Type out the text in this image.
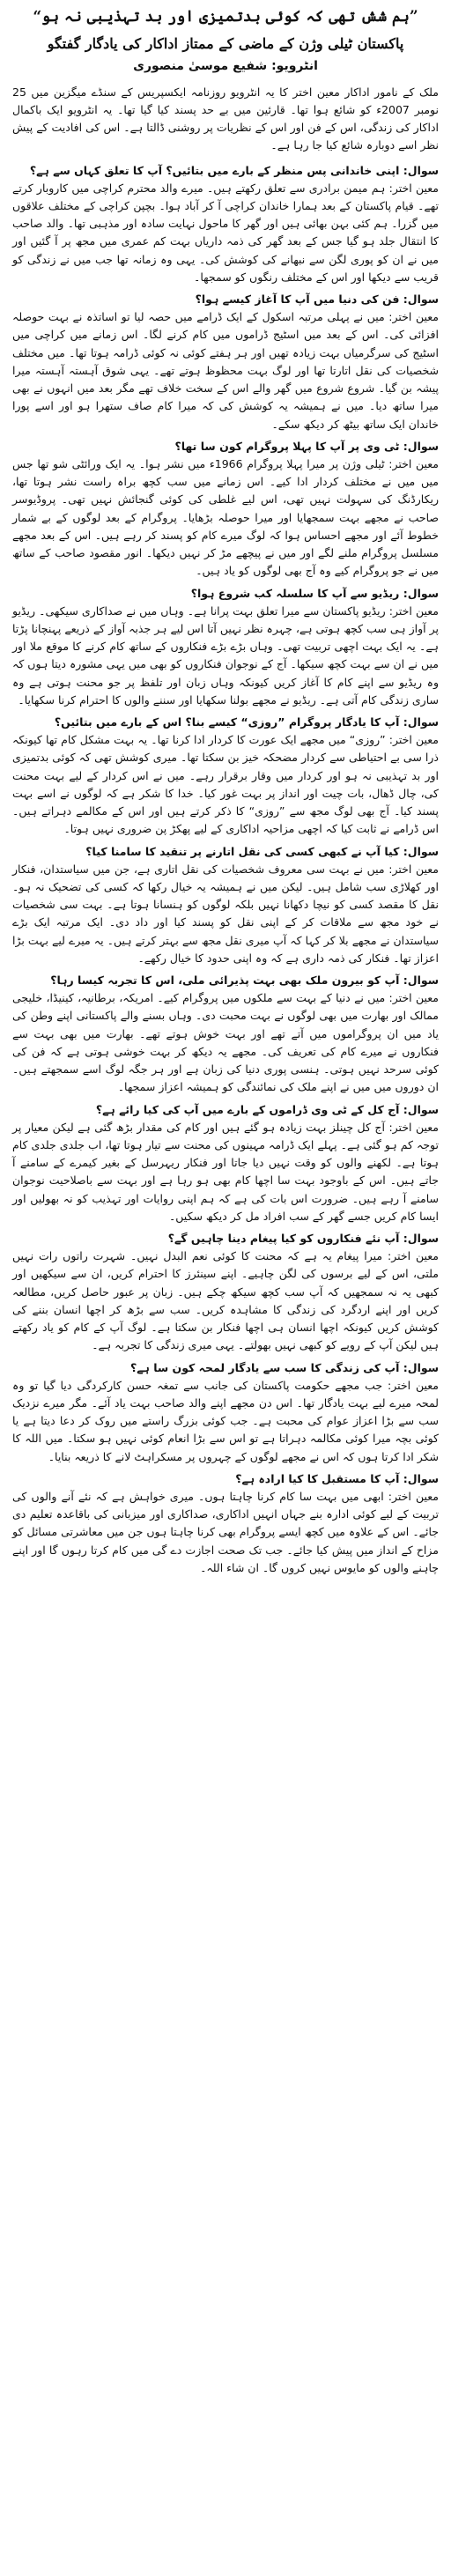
”ہم شش تھی کہ کوئی بدتمیزی اور بد تہذیبی نہ ہو“
پاکستان ٹیلی وژن کے ماضی کے ممتاز اداکار کی یادگار گفتگو
انٹرویو: شفیع موسیٰ منصوری

ملک کے نامور اداکار معین اختر کا یہ انٹرویو روزنامہ ایکسپریس کے سنڈے میگزین میں 25 نومبر 2007ء کو شائع ہوا تھا۔ قارئین میں بے حد پسند کیا گیا تھا۔ یہ انٹرویو ایک باکمال اداکار کی زندگی، اس کے فن اور اس کے نظریات پر روشنی ڈالتا ہے۔ اس کی افادیت کے پیش نظر اسے دوبارہ شائع کیا جا رہا ہے۔

سوال: اپنی خاندانی پس منظر کے بارے میں بتائیں؟ آپ کا تعلق کہاں سے ہے؟

معین اختر: ہم میمن برادری سے تعلق رکھتے ہیں۔ میرے والد محترم کراچی میں کاروبار کرتے تھے۔ قیام پاکستان کے بعد ہمارا خاندان کراچی آ کر آباد ہوا۔ بچپن کراچی کے مختلف علاقوں میں گزرا۔ ہم کئی بہن بھائی ہیں اور گھر کا ماحول نہایت سادہ اور مذہبی تھا۔ والد صاحب کا انتقال جلد ہو گیا جس کے بعد گھر کی ذمہ داریاں بہت کم عمری میں مجھ پر آ گئیں اور میں نے ان کو پوری لگن سے نبھانے کی کوشش کی۔ یہی وہ زمانہ تھا جب میں نے زندگی کو قریب سے دیکھا اور اس کے مختلف رنگوں کو سمجھا۔

سوال: فن کی دنیا میں آپ کا آغاز کیسے ہوا؟

معین اختر: میں نے پہلی مرتبہ اسکول کے ایک ڈرامے میں حصہ لیا تو اساتذہ نے بہت حوصلہ افزائی کی۔ اس کے بعد میں اسٹیج ڈراموں میں کام کرنے لگا۔ اس زمانے میں کراچی میں اسٹیج کی سرگرمیاں بہت زیادہ تھیں اور ہر ہفتے کوئی نہ کوئی ڈرامہ ہوتا تھا۔ میں مختلف شخصیات کی نقل اتارتا تھا اور لوگ بہت محظوظ ہوتے تھے۔ یہی شوق آہستہ آہستہ میرا پیشہ بن گیا۔ شروع شروع میں گھر والے اس کے سخت خلاف تھے مگر بعد میں انہوں نے بھی میرا ساتھ دیا۔ میں نے ہمیشہ یہ کوشش کی کہ میرا کام صاف ستھرا ہو اور اسے پورا خاندان ایک ساتھ بیٹھ کر دیکھ سکے۔

سوال: ٹی وی پر آپ کا پہلا پروگرام کون سا تھا؟

معین اختر: ٹیلی وژن پر میرا پہلا پروگرام 1966ء میں نشر ہوا۔ یہ ایک ورائٹی شو تھا جس میں میں نے مختلف کردار ادا کیے۔ اس زمانے میں سب کچھ براہ راست نشر ہوتا تھا، ریکارڈنگ کی سہولت نہیں تھی، اس لیے غلطی کی کوئی گنجائش نہیں تھی۔ پروڈیوسر صاحب نے مجھے بہت سمجھایا اور میرا حوصلہ بڑھایا۔ پروگرام کے بعد لوگوں کے بے شمار خطوط آئے اور مجھے احساس ہوا کہ لوگ میرے کام کو پسند کر رہے ہیں۔ اس کے بعد مجھے مسلسل پروگرام ملنے لگے اور میں نے پیچھے مڑ کر نہیں دیکھا۔ انور مقصود صاحب کے ساتھ میں نے جو پروگرام کیے وہ آج بھی لوگوں کو یاد ہیں۔

سوال: ریڈیو سے آپ کا سلسلہ کب شروع ہوا؟

معین اختر: ریڈیو پاکستان سے میرا تعلق بہت پرانا ہے۔ وہاں میں نے صداکاری سیکھی۔ ریڈیو پر آواز ہی سب کچھ ہوتی ہے، چہرہ نظر نہیں آتا اس لیے ہر جذبہ آواز کے ذریعے پہنچانا پڑتا ہے۔ یہ ایک بہت اچھی تربیت تھی۔ وہاں بڑے بڑے فنکاروں کے ساتھ کام کرنے کا موقع ملا اور میں نے ان سے بہت کچھ سیکھا۔ آج کے نوجوان فنکاروں کو بھی میں یہی مشورہ دیتا ہوں کہ وہ ریڈیو سے اپنے کام کا آغاز کریں کیونکہ وہاں زبان اور تلفظ پر جو محنت ہوتی ہے وہ ساری زندگی کام آتی ہے۔ ریڈیو نے مجھے بولنا سکھایا اور سننے والوں کا احترام کرنا سکھایا۔

سوال: آپ کا یادگار پروگرام ”روزی“ کیسے بنا؟ اس کے بارے میں بتائیں؟

معین اختر: ”روزی“ میں مجھے ایک عورت کا کردار ادا کرنا تھا۔ یہ بہت مشکل کام تھا کیونکہ ذرا سی بے احتیاطی سے کردار مضحکہ خیز بن سکتا تھا۔ میری کوشش تھی کہ کوئی بدتمیزی اور بد تہذیبی نہ ہو اور کردار میں وقار برقرار رہے۔ میں نے اس کردار کے لیے بہت محنت کی، چال ڈھال، بات چیت اور انداز پر بہت غور کیا۔ خدا کا شکر ہے کہ لوگوں نے اسے بہت پسند کیا۔ آج بھی لوگ مجھ سے ”روزی“ کا ذکر کرتے ہیں اور اس کے مکالمے دہراتے ہیں۔ اس ڈرامے نے ثابت کیا کہ اچھی مزاحیہ اداکاری کے لیے پھکڑ پن ضروری نہیں ہوتا۔

سوال: کیا آپ نے کبھی کسی کی نقل اتارنے پر تنقید کا سامنا کیا؟

معین اختر: میں نے بہت سی معروف شخصیات کی نقل اتاری ہے، جن میں سیاستدان، فنکار اور کھلاڑی سب شامل ہیں۔ لیکن میں نے ہمیشہ یہ خیال رکھا کہ کسی کی تضحیک نہ ہو۔ نقل کا مقصد کسی کو نیچا دکھانا نہیں بلکہ لوگوں کو ہنسانا ہوتا ہے۔ بہت سی شخصیات نے خود مجھ سے ملاقات کر کے اپنی نقل کو پسند کیا اور داد دی۔ ایک مرتبہ ایک بڑے سیاستدان نے مجھے بلا کر کہا کہ آپ میری نقل مجھ سے بہتر کرتے ہیں۔ یہ میرے لیے بہت بڑا اعزاز تھا۔ فنکار کی ذمہ داری ہے کہ وہ اپنی حدود کا خیال رکھے۔

سوال: آپ کو بیرون ملک بھی بہت پذیرائی ملی، اس کا تجربہ کیسا رہا؟

معین اختر: میں نے دنیا کے بہت سے ملکوں میں پروگرام کیے۔ امریکہ، برطانیہ، کینیڈا، خلیجی ممالک اور بھارت میں بھی لوگوں نے بہت محبت دی۔ وہاں بسنے والے پاکستانی اپنے وطن کی یاد میں ان پروگراموں میں آتے تھے اور بہت خوش ہوتے تھے۔ بھارت میں بھی بہت سے فنکاروں نے میرے کام کی تعریف کی۔ مجھے یہ دیکھ کر بہت خوشی ہوتی ہے کہ فن کی کوئی سرحد نہیں ہوتی۔ ہنسی پوری دنیا کی زبان ہے اور ہر جگہ لوگ اسے سمجھتے ہیں۔ ان دوروں میں میں نے اپنے ملک کی نمائندگی کو ہمیشہ اعزاز سمجھا۔

سوال: آج کل کے ٹی وی ڈراموں کے بارے میں آپ کی کیا رائے ہے؟

معین اختر: آج کل چینلز بہت زیادہ ہو گئے ہیں اور کام کی مقدار بڑھ گئی ہے لیکن معیار پر توجہ کم ہو گئی ہے۔ پہلے ایک ڈرامہ مہینوں کی محنت سے تیار ہوتا تھا، اب جلدی جلدی کام ہوتا ہے۔ لکھنے والوں کو وقت نہیں دیا جاتا اور فنکار ریہرسل کے بغیر کیمرے کے سامنے آ جاتے ہیں۔ اس کے باوجود بہت سا اچھا کام بھی ہو رہا ہے اور بہت سے باصلاحیت نوجوان سامنے آ رہے ہیں۔ ضرورت اس بات کی ہے کہ ہم اپنی روایات اور تہذیب کو نہ بھولیں اور ایسا کام کریں جسے گھر کے سب افراد مل کر دیکھ سکیں۔

سوال: آپ نئے فنکاروں کو کیا پیغام دینا چاہیں گے؟

معین اختر: میرا پیغام یہ ہے کہ محنت کا کوئی نعم البدل نہیں۔ شہرت راتوں رات نہیں ملتی، اس کے لیے برسوں کی لگن چاہیے۔ اپنے سینئرز کا احترام کریں، ان سے سیکھیں اور کبھی یہ نہ سمجھیں کہ آپ سب کچھ سیکھ چکے ہیں۔ زبان پر عبور حاصل کریں، مطالعہ کریں اور اپنے اردگرد کی زندگی کا مشاہدہ کریں۔ سب سے بڑھ کر اچھا انسان بننے کی کوشش کریں کیونکہ اچھا انسان ہی اچھا فنکار بن سکتا ہے۔ لوگ آپ کے کام کو یاد رکھتے ہیں لیکن آپ کے رویے کو کبھی نہیں بھولتے۔ یہی میری زندگی کا تجربہ ہے۔

سوال: آپ کی زندگی کا سب سے یادگار لمحہ کون سا ہے؟

معین اختر: جب مجھے حکومت پاکستان کی جانب سے تمغہ حسن کارکردگی دیا گیا تو وہ لمحہ میرے لیے بہت یادگار تھا۔ اس دن مجھے اپنے والد صاحب بہت یاد آئے۔ مگر میرے نزدیک سب سے بڑا اعزاز عوام کی محبت ہے۔ جب کوئی بزرگ راستے میں روک کر دعا دیتا ہے یا کوئی بچہ میرا کوئی مکالمہ دہراتا ہے تو اس سے بڑا انعام کوئی نہیں ہو سکتا۔ میں اللہ کا شکر ادا کرتا ہوں کہ اس نے مجھے لوگوں کے چہروں پر مسکراہٹ لانے کا ذریعہ بنایا۔

سوال: آپ کا مستقبل کا کیا ارادہ ہے؟

معین اختر: ابھی میں بہت سا کام کرنا چاہتا ہوں۔ میری خواہش ہے کہ نئے آنے والوں کی تربیت کے لیے کوئی ادارہ بنے جہاں انہیں اداکاری، صداکاری اور میزبانی کی باقاعدہ تعلیم دی جائے۔ اس کے علاوہ میں کچھ ایسے پروگرام بھی کرنا چاہتا ہوں جن میں معاشرتی مسائل کو مزاح کے انداز میں پیش کیا جائے۔ جب تک صحت اجازت دے گی میں کام کرتا رہوں گا اور اپنے چاہنے والوں کو مایوس نہیں کروں گا۔ ان شاء اللہ۔
